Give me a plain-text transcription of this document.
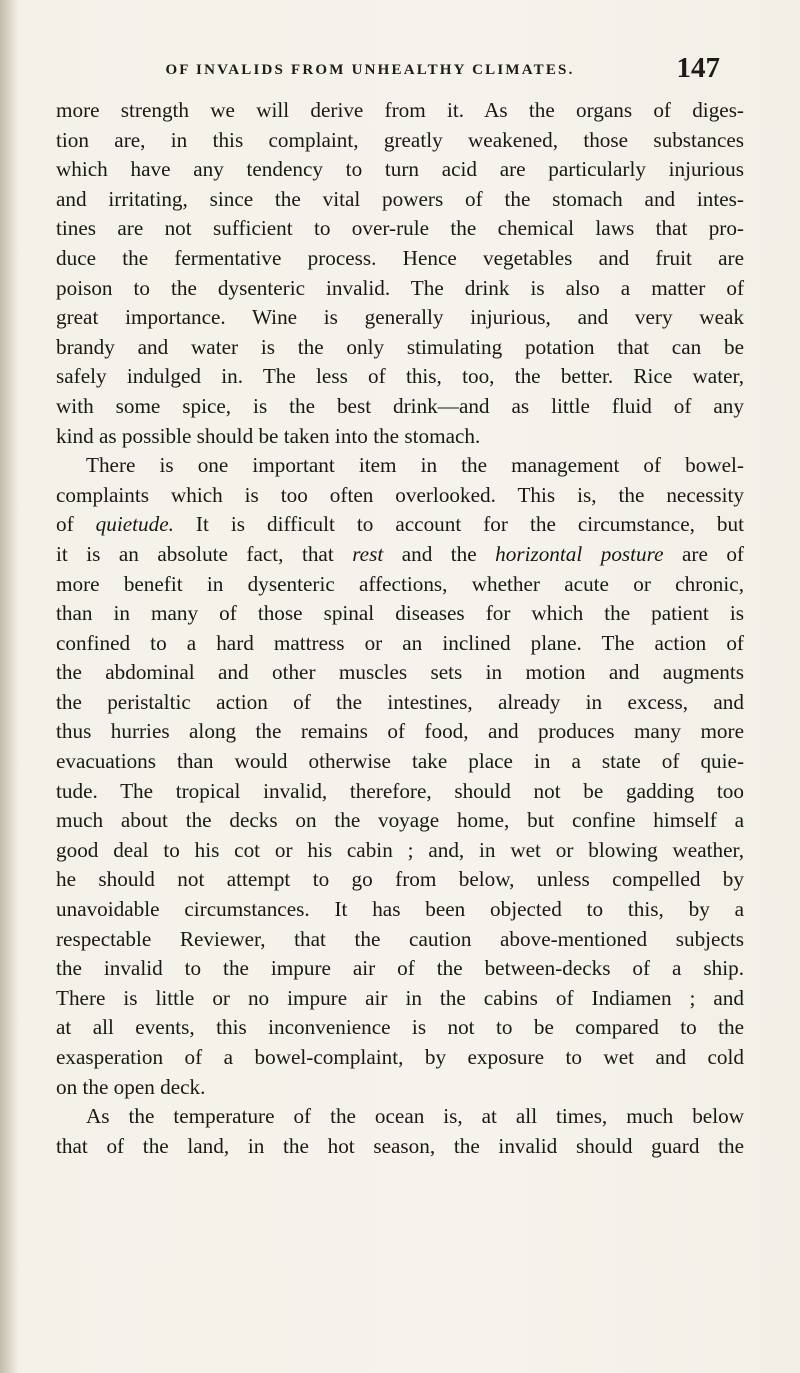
OF INVALIDS FROM UNHEALTHY CLIMATES.	147
more strength we will derive from it. As the organs of diges-
tion are, in this complaint, greatly weakened, those substances
which have any tendency to turn acid are particularly injurious
and irritating, since the vital powers of the stomach and intes-
tines are not sufficient to over-rule the chemical laws that pro-
duce the fermentative process. Hence vegetables and fruit are
poison to the dysenteric invalid. The drink is also a matter of
great importance. Wine is generally injurious, and very weak
brandy and water is the only stimulating potation that can be
safely indulged in. The less of this, too, the better. Rice water,
with some spice, is the best drink—and as little fluid of any
kind as possible should be taken into the stomach.
There is one important item in the management of bowel-
complaints which is too often overlooked. This is, the necessity
of quietude. It is difficult to account for the circumstance, but
it is an absolute fact, that rest and the horizontal posture are of
more benefit in dysenteric affections, whether acute or chronic,
than in many of those spinal diseases for which the patient is
confined to a hard mattress or an inclined plane. The action of
the abdominal and other muscles sets in motion and augments
the peristaltic action of the intestines, already in excess, and
thus hurries along the remains of food, and produces many more
evacuations than would otherwise take place in a state of quie-
tude. The tropical invalid, therefore, should not be gadding too
much about the decks on the voyage home, but confine himself a
good deal to his cot or his cabin ; and, in wet or blowing weather,
he should not attempt to go from below, unless compelled by
unavoidable circumstances. It has been objected to this, by a
respectable Reviewer, that the caution above-mentioned subjects
the invalid to the impure air of the between-decks of a ship.
There is little or no impure air in the cabins of Indiamen ; and
at all events, this inconvenience is not to be compared to the
exasperation of a bowel-complaint, by exposure to wet and cold
on the open deck.
As the temperature of the ocean is, at all times, much below
that of the land, in the hot season, the invalid should guard the
